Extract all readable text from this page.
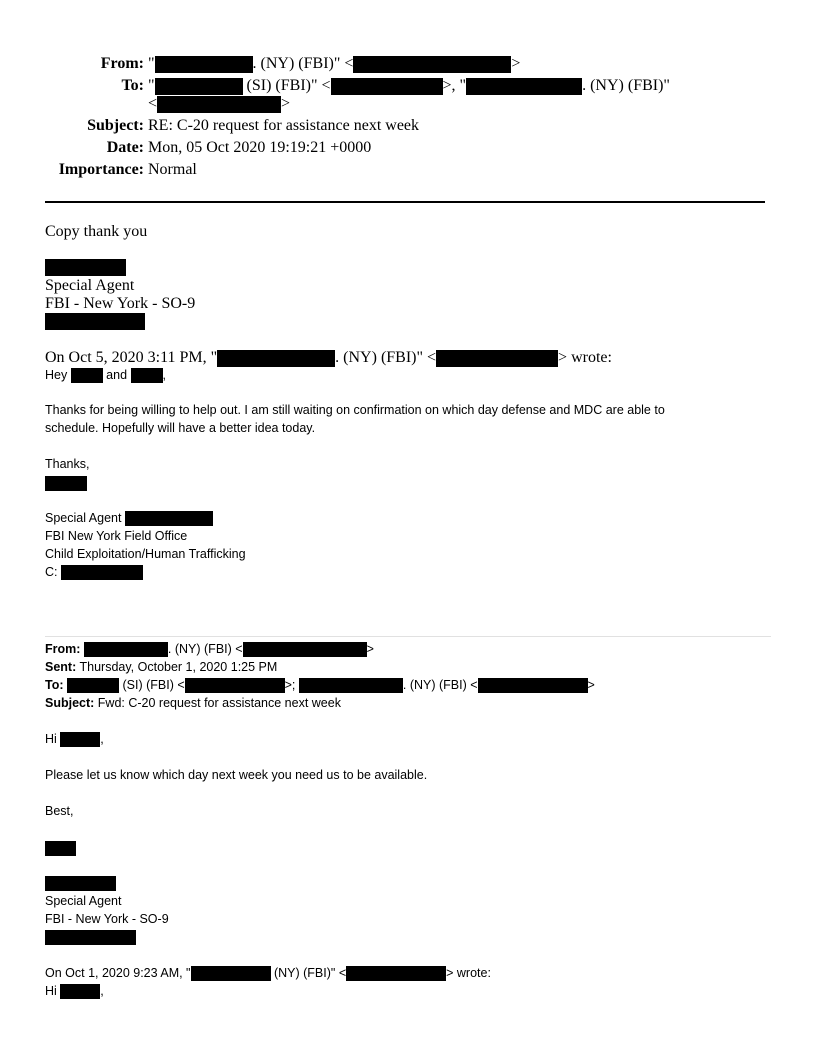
From: "	. (NY) (FBI)" <	>
To: "	(SI) (FBI)" <	>, "	. (NY) (FBI)"
<	>
Subject: RE: C-20 request for assistance next week
Date: Mon, 05 Oct 2020 19:19:21 +0000
Importance: Normal
Copy thank you
Special Agent
FBI - New York - SO-9
On Oct 5, 2020 3:11 PM, "	. (NY) (FBI)" <	> wrote:
Hey	and	,
Thanks for being willing to help out. I am still waiting on confirmation on which day defense and MDC are able to
schedule. Hopefully will have a better idea today.
Thanks,
Special Agent
FBI New York Field Office
Child Exploitation/Human Trafficking
C:
From:	. (NY) (FBI) <	>
Sent: Thursday, October 1, 2020 1:25 PM
To:	(SI) (FBI) <	>;	. (NY) (FBI) <	>
Subject: Fwd: C-20 request for assistance next week
Hi	,
Please let us know which day next week you need us to be available.
Best,
Special Agent
FBI - New York - SO-9
On Oct 1, 2020 9:23 AM, "	(NY) (FBI)" <	> wrote:
Hi	,
